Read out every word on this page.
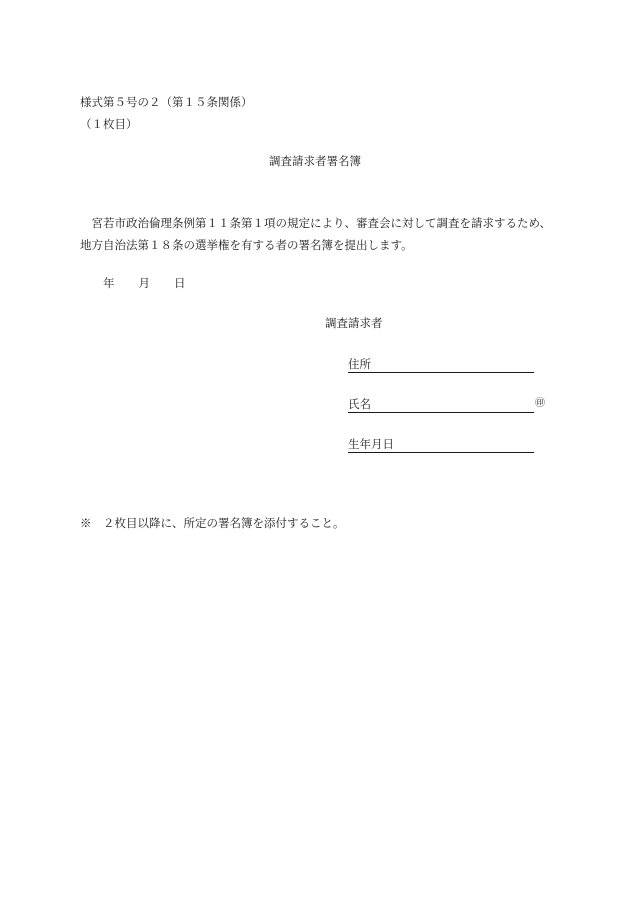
様式第５号の２（第１５条関係）
（１枚目）
調査請求者署名簿
　宮若市政治倫理条例第１１条第１項の規定により、審査会に対して調査を請求するため、
地方自治法第１８条の選挙権を有する者の署名簿を提出します。
年 月 日
調査請求者
住所
氏名	㊞
生年月日
※　２枚目以降に、所定の署名簿を添付すること。
